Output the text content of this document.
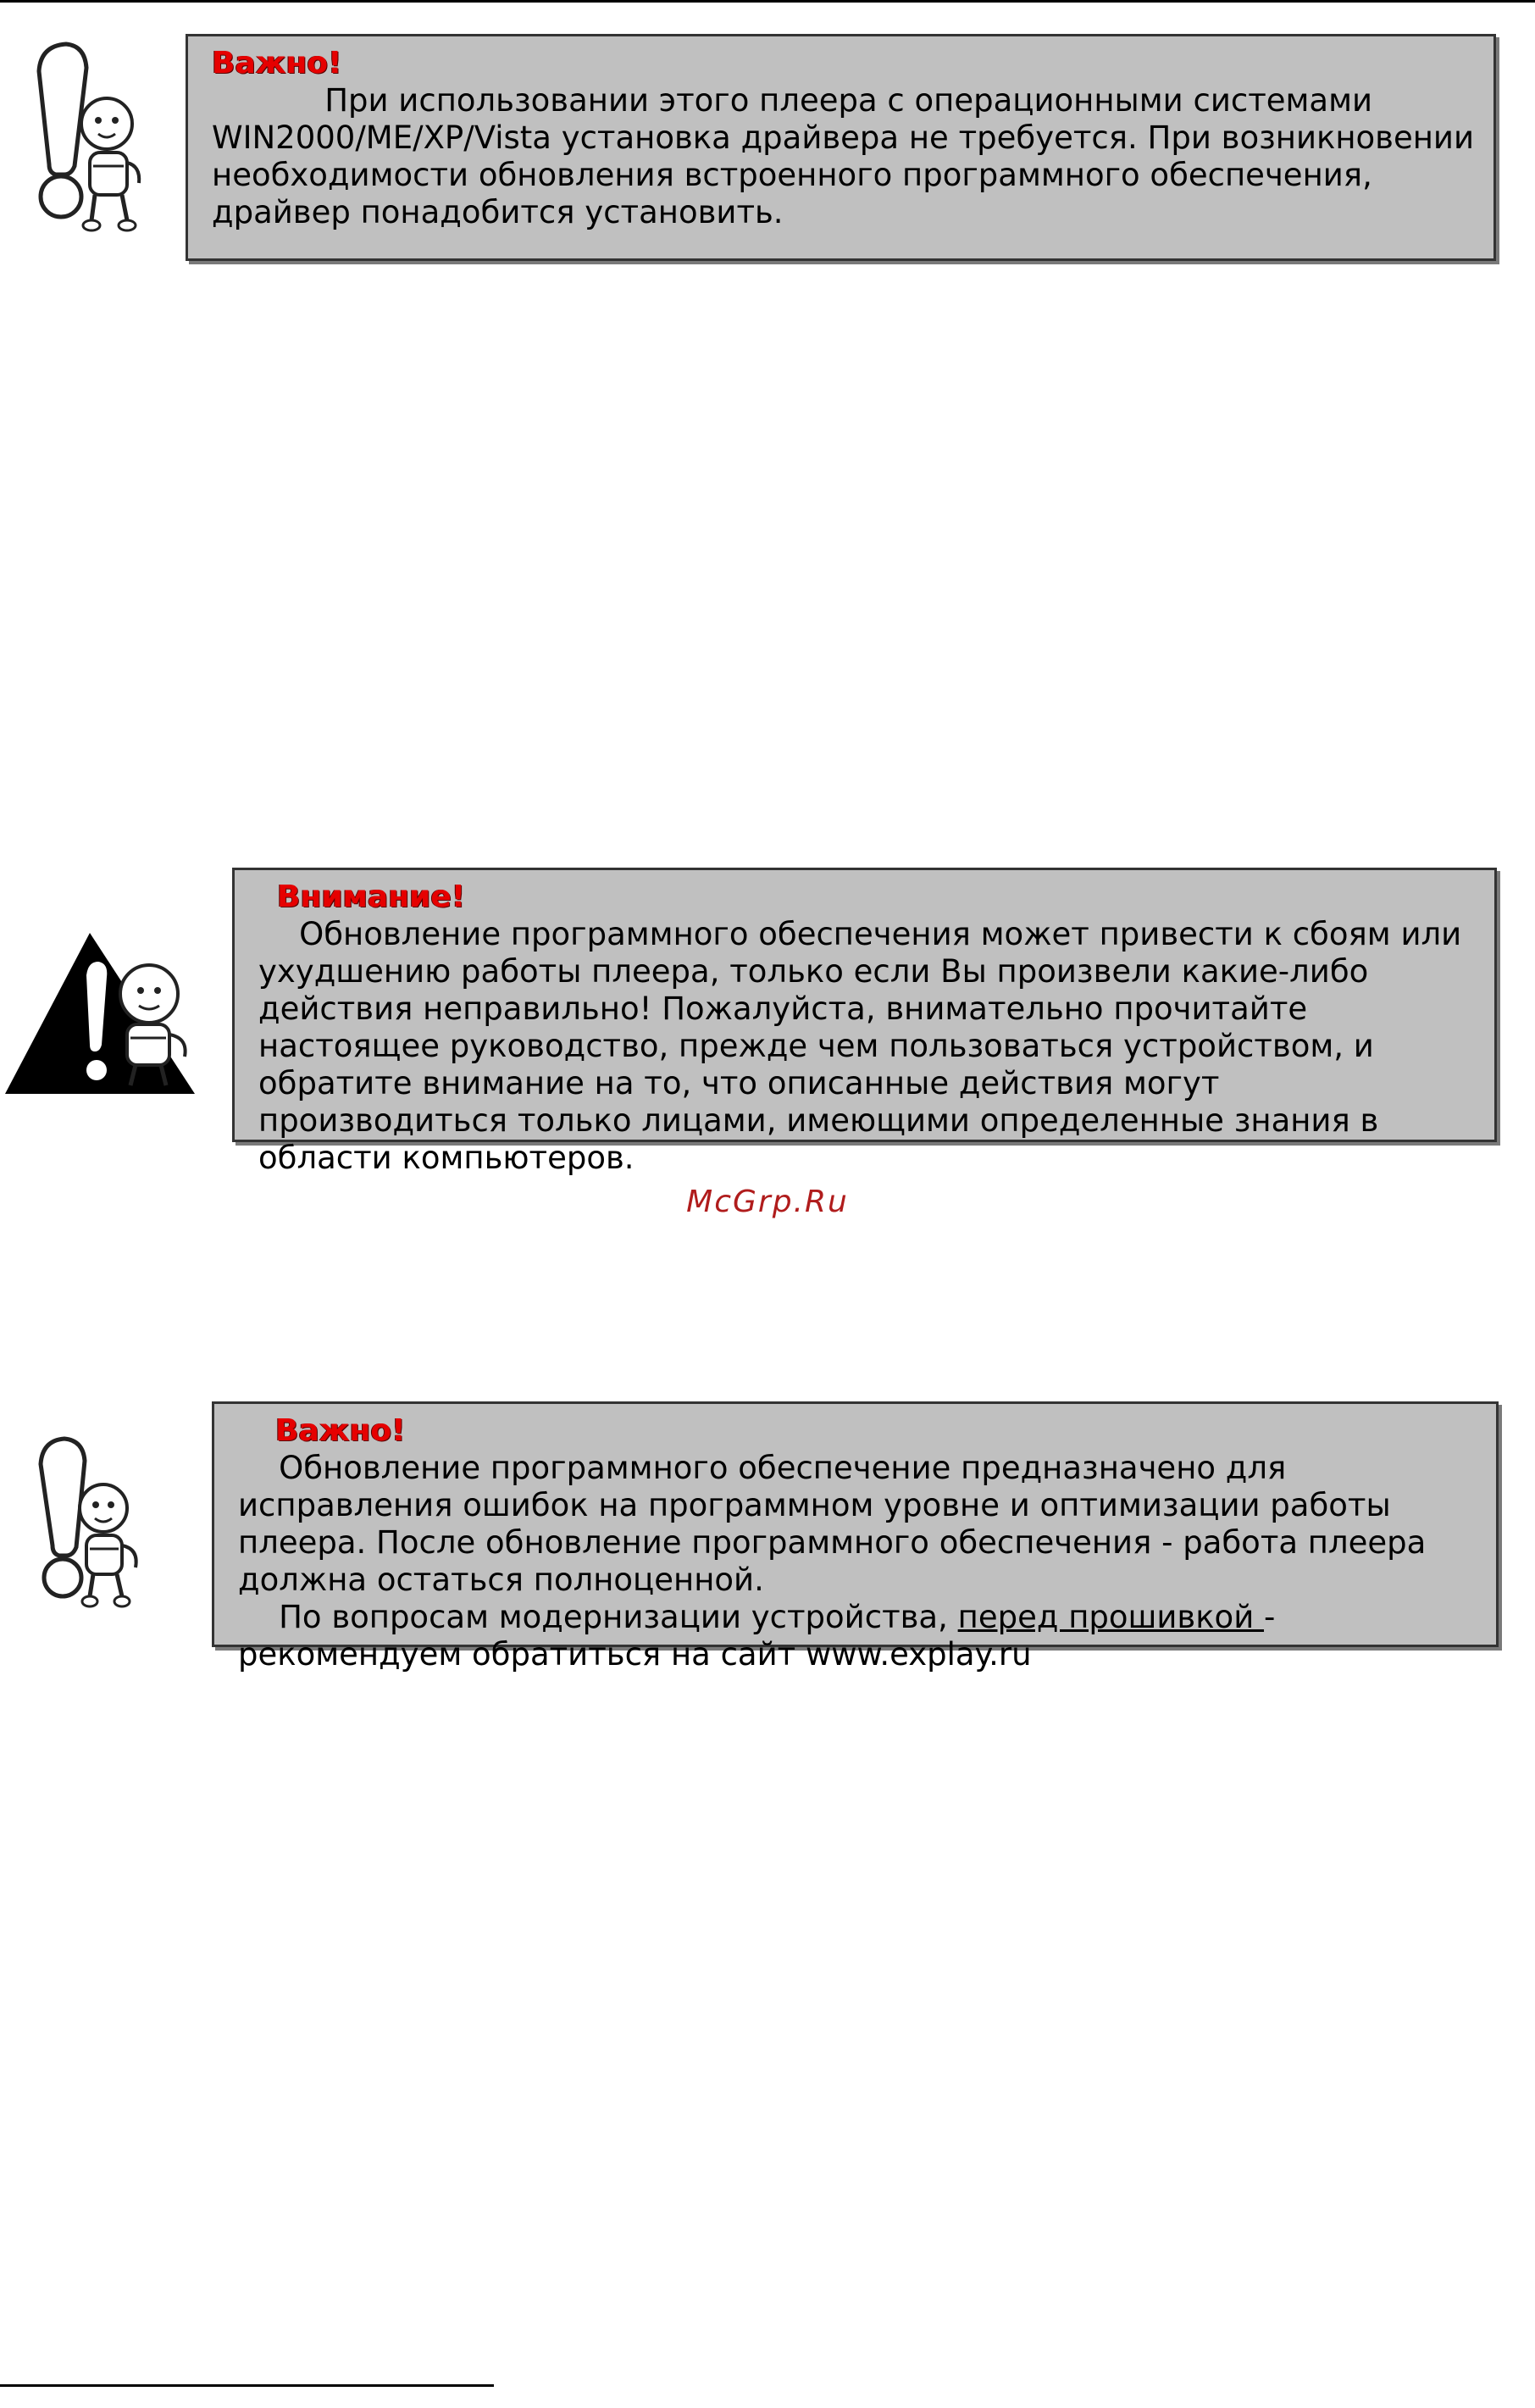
Важно!

При использовании этого плеера с операционными системами WIN2000/ME/XP/Vista установка драйвера не требуется. При возникновении необходимости обновления встроенного программного обеспечения, драйвер понадобится установить.

Внимание!

Обновление программного обеспечения может привести к сбоям или ухудшению работы плеера, только если Вы произвели какие-либо действия неправильно! Пожалуйста, внимательно прочитайте настоящее руководство, прежде чем пользоваться устройством, и обратите внимание на то, что описанные действия могут производиться только лицами, имеющими определенные знания в области компьютеров.

McGrp.Ru
Важно!

Обновление программного обеспечение предназначено для исправления ошибок на программном уровне и оптимизации работы плеера. После обновление программного обеспечения - работа плеера должна остаться полноценной.

По вопросам модернизации устройства, перед прошивкой - рекомендуем обратиться на сайт www.explay.ru
